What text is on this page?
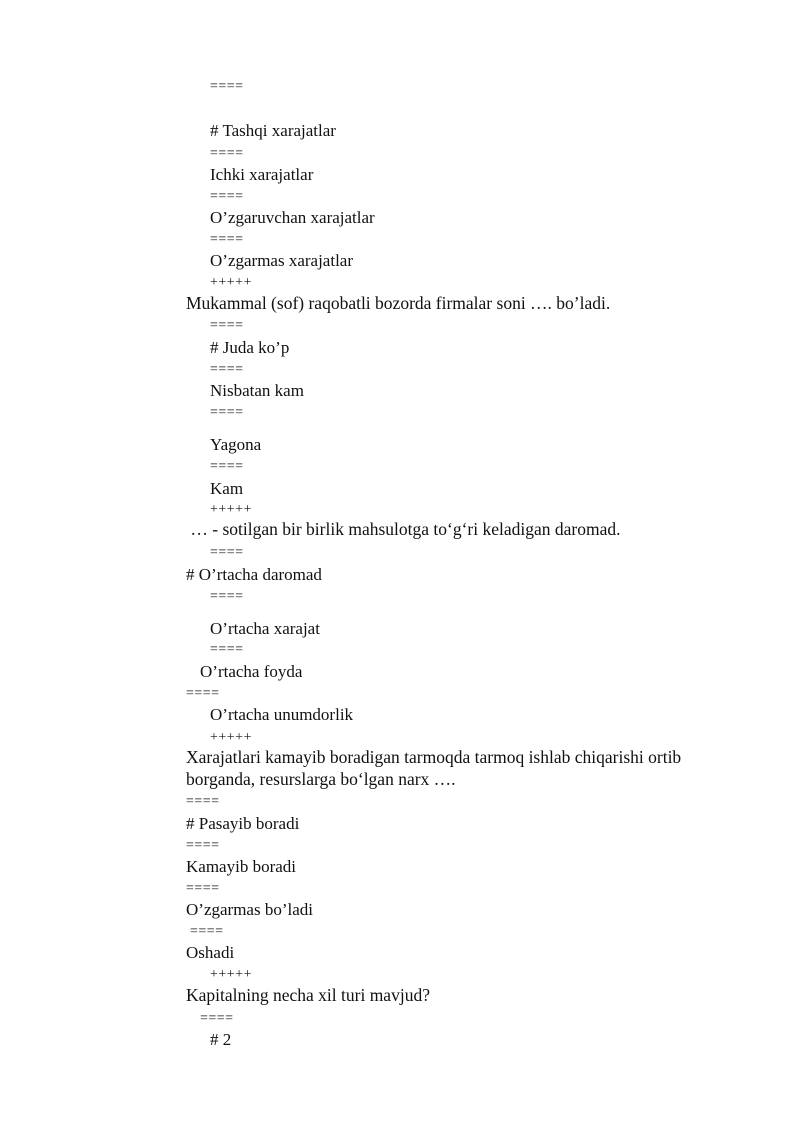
====
# Tashqi xarajatlar
====
Ichki xarajatlar
====
O’zgaruvchan xarajatlar
====
O’zgarmas xarajatlar
+++++
Mukammal (sof) raqobatli bozorda firmalar soni …. bo’ladi.
====
# Juda ko’p
====
Nisbatan kam
====
Yagona
====
Kam
+++++
… - sotilgan bir birlik mahsulotga to‘g‘ri keladigan daromad.
====
# O’rtacha daromad
====
O’rtacha xarajat
====
O’rtacha foyda
====
O’rtacha unumdorlik
+++++
Xarajatlari kamayib boradigan tarmoqda tarmoq ishlab chiqarishi ortib
borganda, resurslarga bo‘lgan narx ….
====
# Pasayib boradi
====
Kamayib boradi
====
O’zgarmas bo’ladi
====
Oshadi
+++++
Kapitalning necha xil turi mavjud?
====
# 2
